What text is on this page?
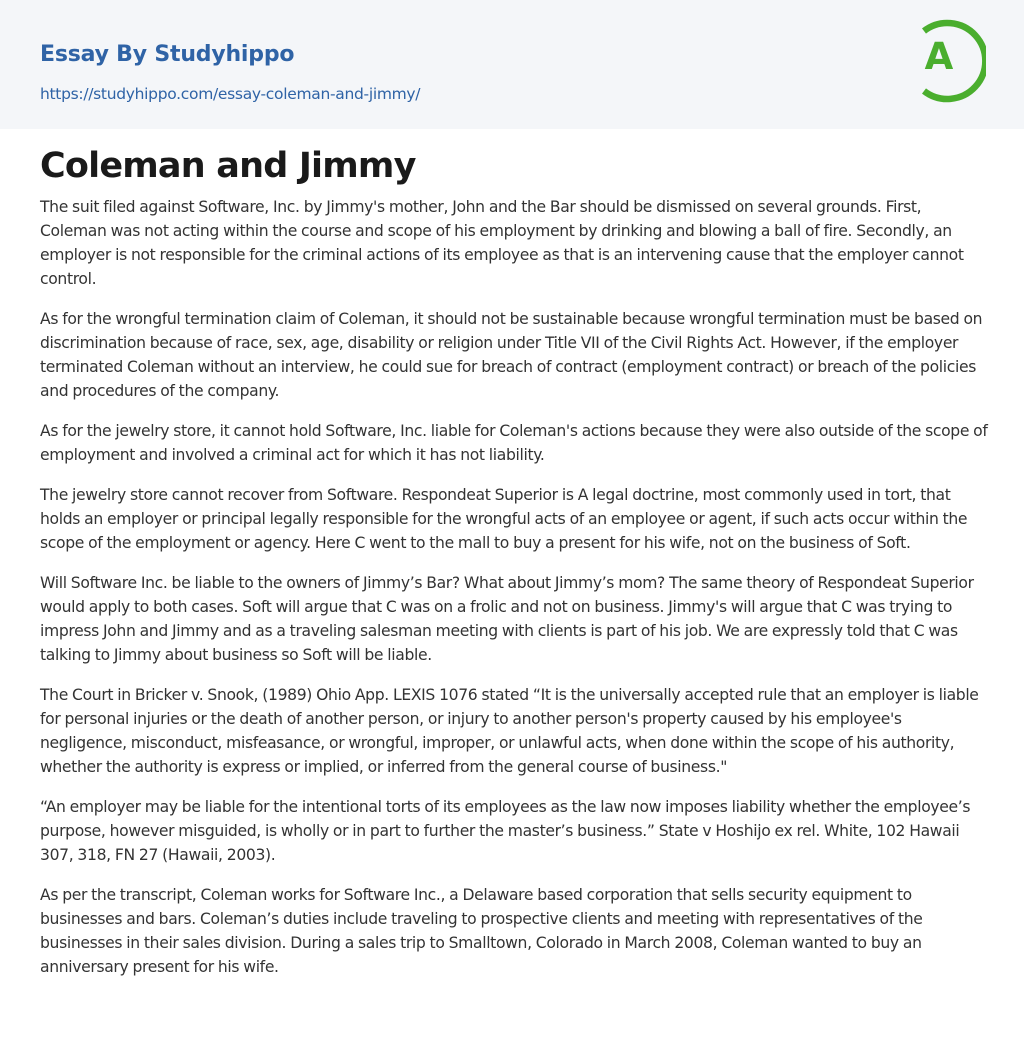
Essay By Studyhippo
https://studyhippo.com/essay-coleman-and-jimmy/
A
Coleman and Jimmy

The suit filed against Software, Inc. by Jimmy's mother, John and the Bar should be dismissed on several grounds. First, Coleman was not acting within the course and scope of his employment by drinking and blowing a ball of fire. Secondly, an employer is not responsible for the criminal actions of its employee as that is an intervening cause that the employer cannot control.

As for the wrongful termination claim of Coleman, it should not be sustainable because wrongful termination must be based on discrimination because of race, sex, age, disability or religion under Title VII of the Civil Rights Act. However, if the employer terminated Coleman without an interview, he could sue for breach of contract (employment contract) or breach of the policies and procedures of the company.

As for the jewelry store, it cannot hold Software, Inc. liable for Coleman's actions because they were also outside of the scope of employment and involved a criminal act for which it has not liability.

The jewelry store cannot recover from Software. Respondeat Superior is A legal doctrine, most commonly used in tort, that holds an employer or principal legally responsible for the wrongful acts of an employee or agent, if such acts occur within the scope of the employment or agency. Here C went to the mall to buy a present for his wife, not on the business of Soft.

Will Software Inc. be liable to the owners of Jimmy’s Bar? What about Jimmy’s mom? The same theory of Respondeat Superior would apply to both cases. Soft will argue that C was on a frolic and not on business. Jimmy's will argue that C was trying to impress John and Jimmy and as a traveling salesman meeting with clients is part of his job. We are expressly told that C was talking to Jimmy about business so Soft will be liable.

The Court in Bricker v. Snook, (1989) Ohio App. LEXIS 1076 stated “It is the universally accepted rule that an employer is liable for personal injuries or the death of another person, or injury to another person's property caused by his employee's negligence, misconduct, misfeasance, or wrongful, improper, or unlawful acts, when done within the scope of his authority, whether the authority is express or implied, or inferred from the general course of business."

“An employer may be liable for the intentional torts of its employees as the law now imposes liability whether the employee’s purpose, however misguided, is wholly or in part to further the master’s business.” State v Hoshijo ex rel. White, 102 Hawaii 307, 318, FN 27 (Hawaii, 2003).

As per the transcript, Coleman works for Software Inc., a Delaware based corporation that sells security equipment to businesses and bars. Coleman’s duties include traveling to prospective clients and meeting with representatives of the businesses in their sales division. During a sales trip to Smalltown, Colorado in March 2008, Coleman wanted to buy an anniversary present for his wife.
